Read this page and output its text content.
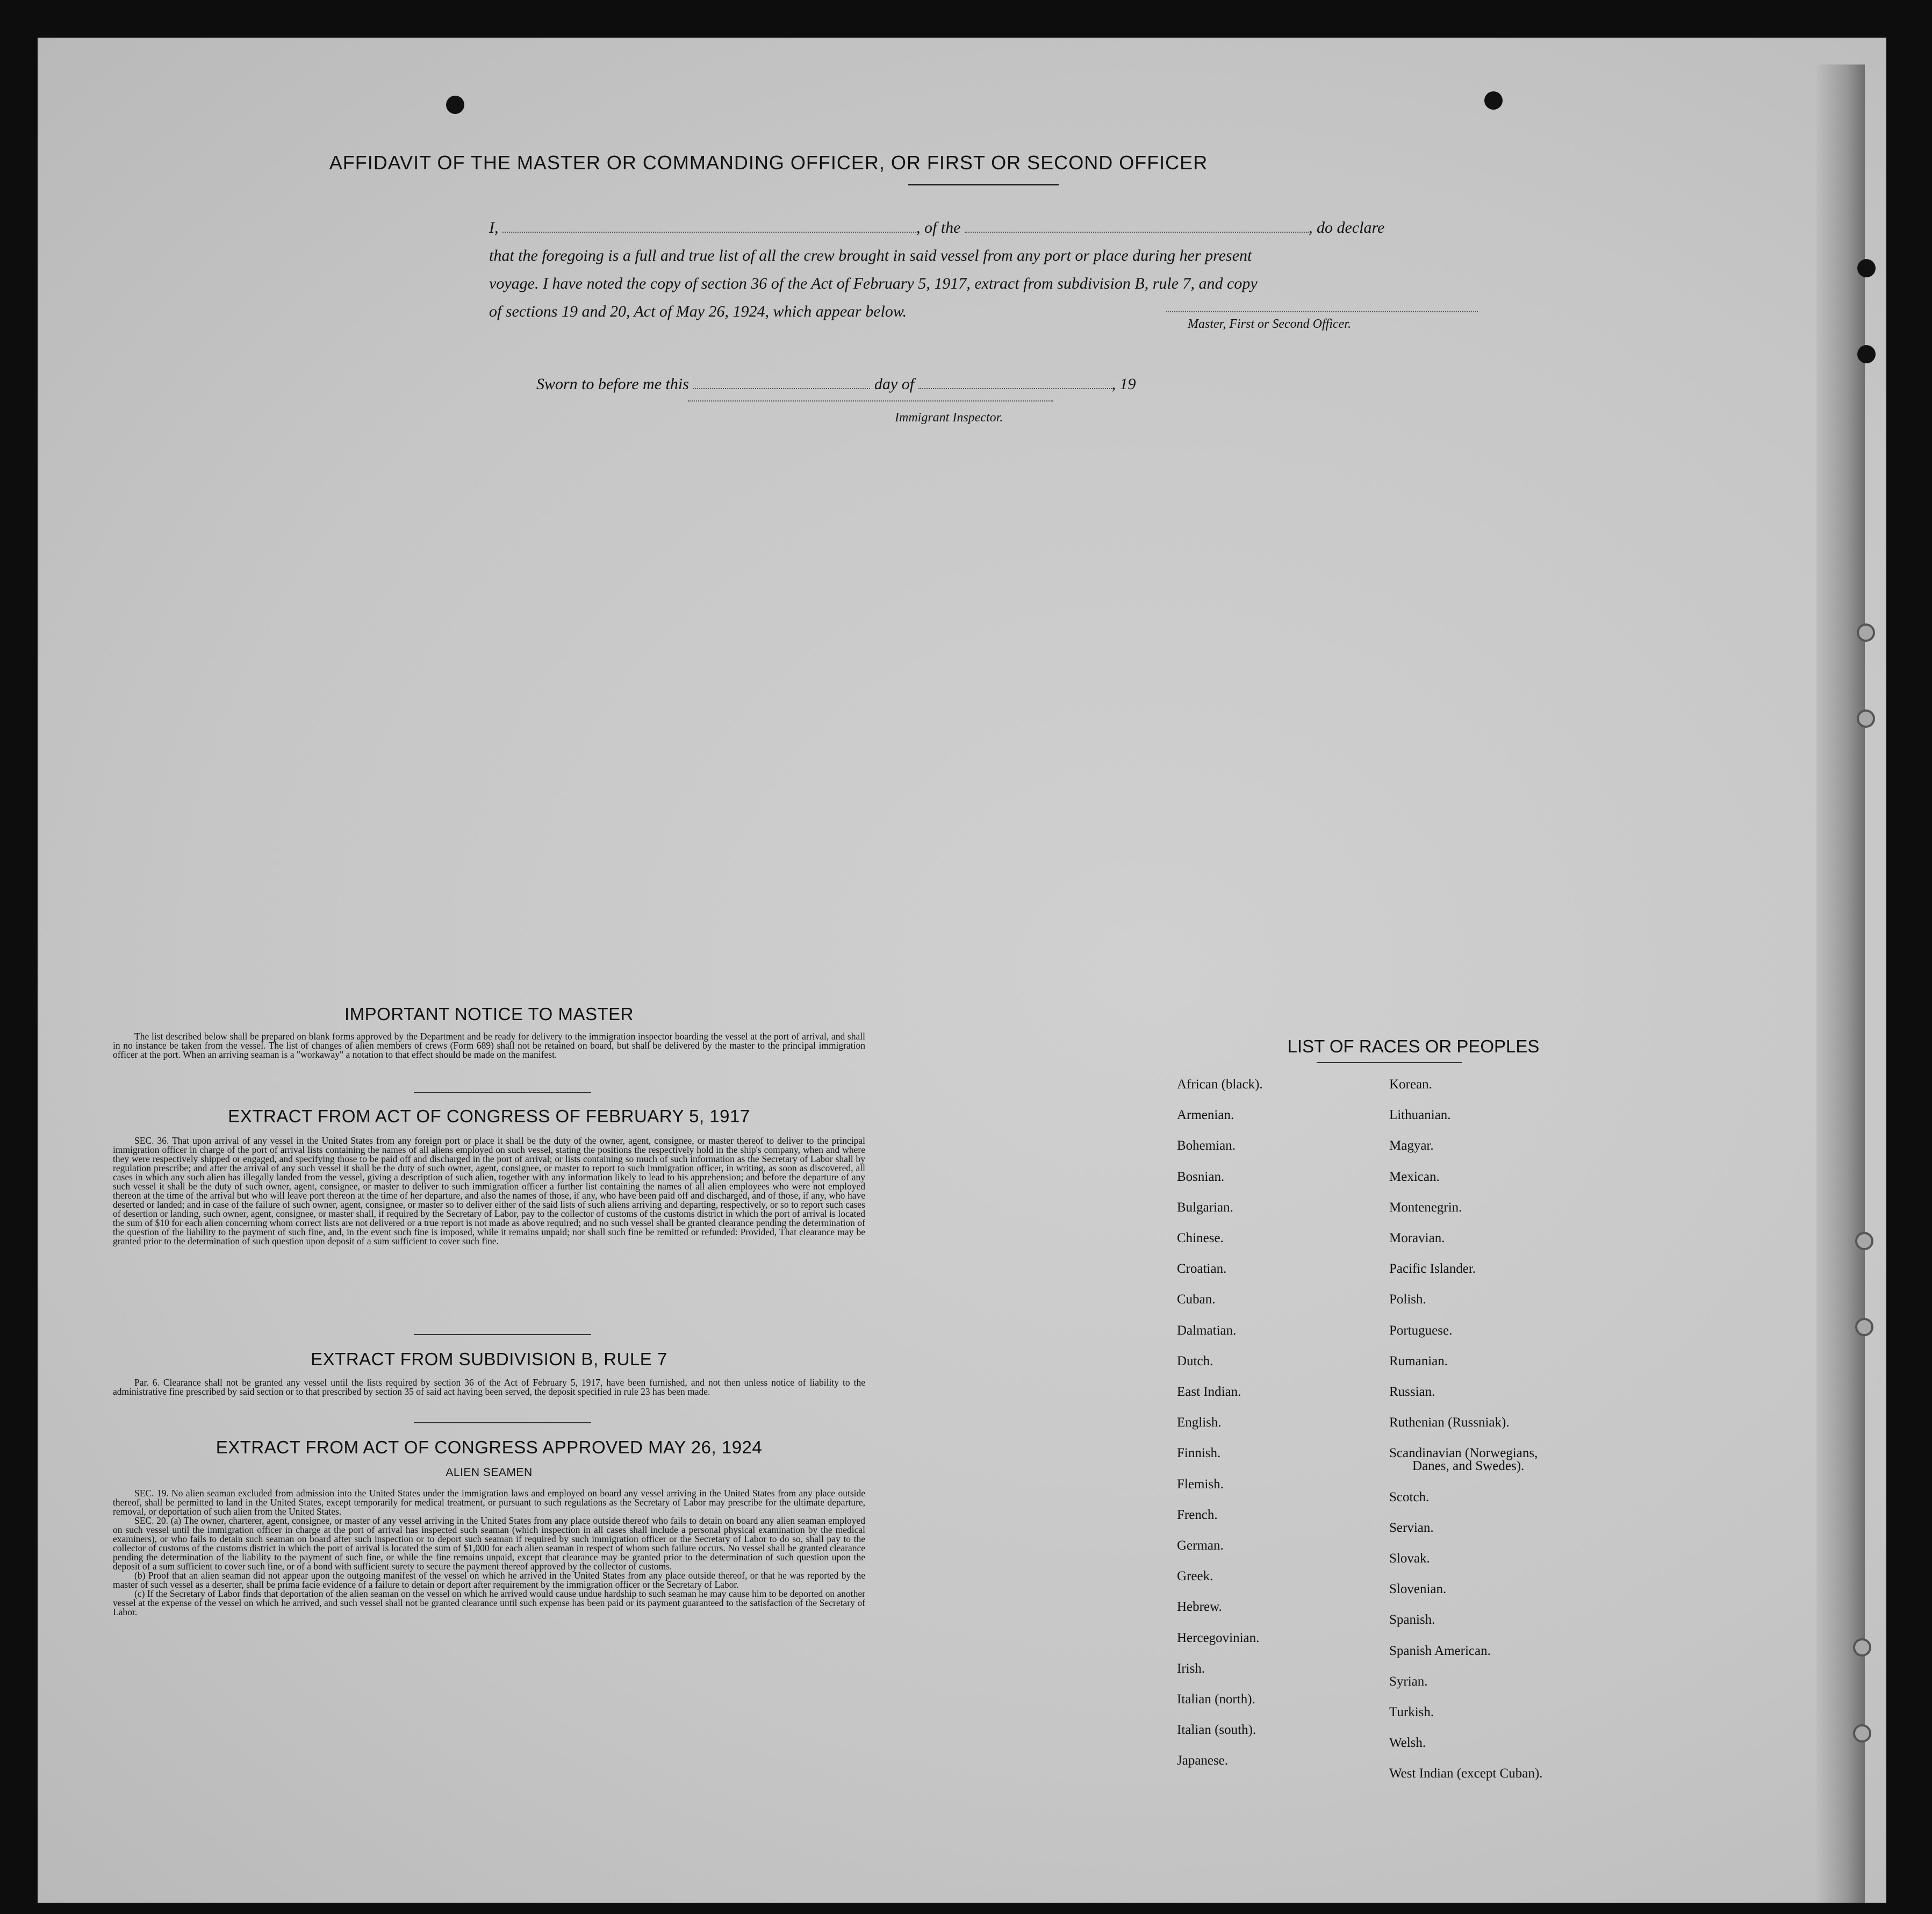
AFFIDAVIT OF THE MASTER OR COMMANDING OFFICER, OR FIRST OR SECOND OFFICER
I,	, of the	, do declare
that the foregoing is a full and true list of all the crew brought in said vessel from any port or place during her present
voyage. I have noted the copy of section 36 of the Act of February 5, 1917, extract from subdivision B, rule 7, and copy
of sections 19 and 20, Act of May 26, 1924, which appear below.
Master, First or Second Officer.
Sworn to before me this	day of	, 19
Immigrant Inspector.
IMPORTANT NOTICE TO MASTER

The list described below shall be prepared on blank forms approved by the Department and be ready for delivery to the immigration inspector boarding the vessel at the port of arrival, and shall in no instance be taken from the vessel. The list of changes of alien members of crews (Form 689) shall not be retained on board, but shall be delivered by the master to the principal immigration officer at the port. When an arriving seaman is a "workaway" a notation to that effect should be made on the manifest.

EXTRACT FROM ACT OF CONGRESS OF FEBRUARY 5, 1917

SEC. 36. That upon arrival of any vessel in the United States from any foreign port or place it shall be the duty of the owner, agent, consignee, or master thereof to deliver to the principal immigration officer in charge of the port of arrival lists containing the names of all aliens employed on such vessel, stating the positions the respectively hold in the ship's company, when and where they were respectively shipped or engaged, and specifying those to be paid off and discharged in the port of arrival; or lists containing so much of such information as the Secretary of Labor shall by regulation prescribe; and after the arrival of any such vessel it shall be the duty of such owner, agent, consignee, or master to report to such immigration officer, in writing, as soon as discovered, all cases in which any such alien has illegally landed from the vessel, giving a description of such alien, together with any information likely to lead to his apprehension; and before the departure of any such vessel it shall be the duty of such owner, agent, consignee, or master to deliver to such immigration officer a further list containing the names of all alien employees who were not employed thereon at the time of the arrival but who will leave port thereon at the time of her departure, and also the names of those, if any, who have been paid off and discharged, and of those, if any, who have deserted or landed; and in case of the failure of such owner, agent, consignee, or master so to deliver either of the said lists of such aliens arriving and departing, respectively, or so to report such cases of desertion or landing, such owner, agent, consignee, or master shall, if required by the Secretary of Labor, pay to the collector of customs of the customs district in which the port of arrival is located the sum of $10 for each alien concerning whom correct lists are not delivered or a true report is not made as above required; and no such vessel shall be granted clearance pending the determination of the question of the liability to the payment of such fine, and, in the event such fine is imposed, while it remains unpaid; nor shall such fine be remitted or refunded: Provided, That clearance may be granted prior to the determination of such question upon deposit of a sum sufficient to cover such fine.

EXTRACT FROM SUBDIVISION B, RULE 7

Par. 6. Clearance shall not be granted any vessel until the lists required by section 36 of the Act of February 5, 1917, have been furnished, and not then unless notice of liability to the administrative fine prescribed by said section or to that prescribed by section 35 of said act having been served, the deposit specified in rule 23 has been made.

EXTRACT FROM ACT OF CONGRESS APPROVED MAY 26, 1924
ALIEN SEAMEN

SEC. 19. No alien seaman excluded from admission into the United States under the immigration laws and employed on board any vessel arriving in the United States from any place outside thereof, shall be permitted to land in the United States, except temporarily for medical treatment, or pursuant to such regulations as the Secretary of Labor may prescribe for the ultimate departure, removal, or deportation of such alien from the United States.

SEC. 20. (a) The owner, charterer, agent, consignee, or master of any vessel arriving in the United States from any place outside thereof who fails to detain on board any alien seaman employed on such vessel until the immigration officer in charge at the port of arrival has inspected such seaman (which inspection in all cases shall include a personal physical examination by the medical examiners), or who fails to detain such seaman on board after such inspection or to deport such seaman if required by such immigration officer or the Secretary of Labor to do so, shall pay to the collector of customs of the customs district in which the port of arrival is located the sum of $1,000 for each alien seaman in respect of whom such failure occurs. No vessel shall be granted clearance pending the determination of the liability to the payment of such fine, or while the fine remains unpaid, except that clearance may be granted prior to the determination of such question upon the deposit of a sum sufficient to cover such fine, or of a bond with sufficient surety to secure the payment thereof approved by the collector of customs.

(b) Proof that an alien seaman did not appear upon the outgoing manifest of the vessel on which he arrived in the United States from any place outside thereof, or that he was reported by the master of such vessel as a deserter, shall be prima facie evidence of a failure to detain or deport after requirement by the immigration officer or the Secretary of Labor.

(c) If the Secretary of Labor finds that deportation of the alien seaman on the vessel on which he arrived would cause undue hardship to such seaman he may cause him to be deported on another vessel at the expense of the vessel on which he arrived, and such vessel shall not be granted clearance until such expense has been paid or its payment guaranteed to the satisfaction of the Secretary of Labor.

LIST OF RACES OR PEOPLES
African (black).
Armenian.
Bohemian.
Bosnian.
Bulgarian.
Chinese.
Croatian.
Cuban.
Dalmatian.
Dutch.
East Indian.
English.
Finnish.
Flemish.
French.
German.
Greek.
Hebrew.
Hercegovinian.
Irish.
Italian (north).
Italian (south).
Japanese.
Korean.
Lithuanian.
Magyar.
Mexican.
Montenegrin.
Moravian.
Pacific Islander.
Polish.
Portuguese.
Rumanian.
Russian.
Ruthenian (Russniak).
Scandinavian (Norwegians,
Danes, and Swedes).
Scotch.
Servian.
Slovak.
Slovenian.
Spanish.
Spanish American.
Syrian.
Turkish.
Welsh.
West Indian (except Cuban).
